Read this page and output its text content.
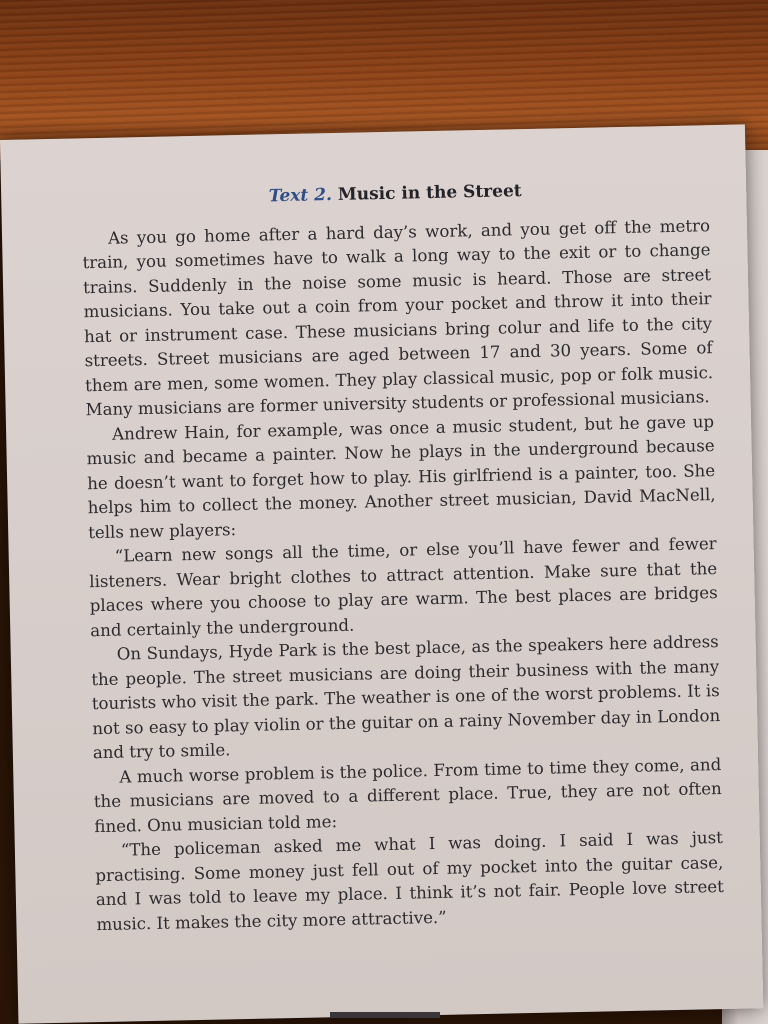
Text 2. Music in the Street

As you go home after a hard day’s work, and you get off the metro train, you sometimes have to walk a long way to the exit or to change trains. Suddenly in the noise some music is heard. Those are street musicians. You take out a coin from your pocket and throw it into their hat or instrument case. These musicians bring colur and life to the city streets. Street musicians are aged between 17 and 30 years. Some of them are men, some women. They play classical music, pop or folk music. Many musicians are former university students or professional musicians.

Andrew Hain, for example, was once a music student, but he gave up music and became a painter. Now he plays in the underground because he doesn’t want to forget how to play. His girlfriend is a painter, too. She helps him to collect the money. Another street musician, David MacNell, tells new players:

“Learn new songs all the time, or else you’ll have fewer and fewer listeners. Wear bright clothes to attract attention. Make sure that the places where you choose to play are warm. The best places are bridges and certainly the underground.

On Sundays, Hyde Park is the best place, as the speakers here address the people. The street musicians are doing their business with the many tourists who visit the park. The weather is one of the worst problems. It is not so easy to play violin or the guitar on a rainy November day in London and try to smile.

A much worse problem is the police. From time to time they come, and the musicians are moved to a different place. True, they are not often fined. Onu musician told me:

“The policeman asked me what I was doing. I said I was just practising. Some money just fell out of my pocket into the guitar case, and I was told to leave my place. I think it’s not fair. People love street music. It makes the city more attractive.”
